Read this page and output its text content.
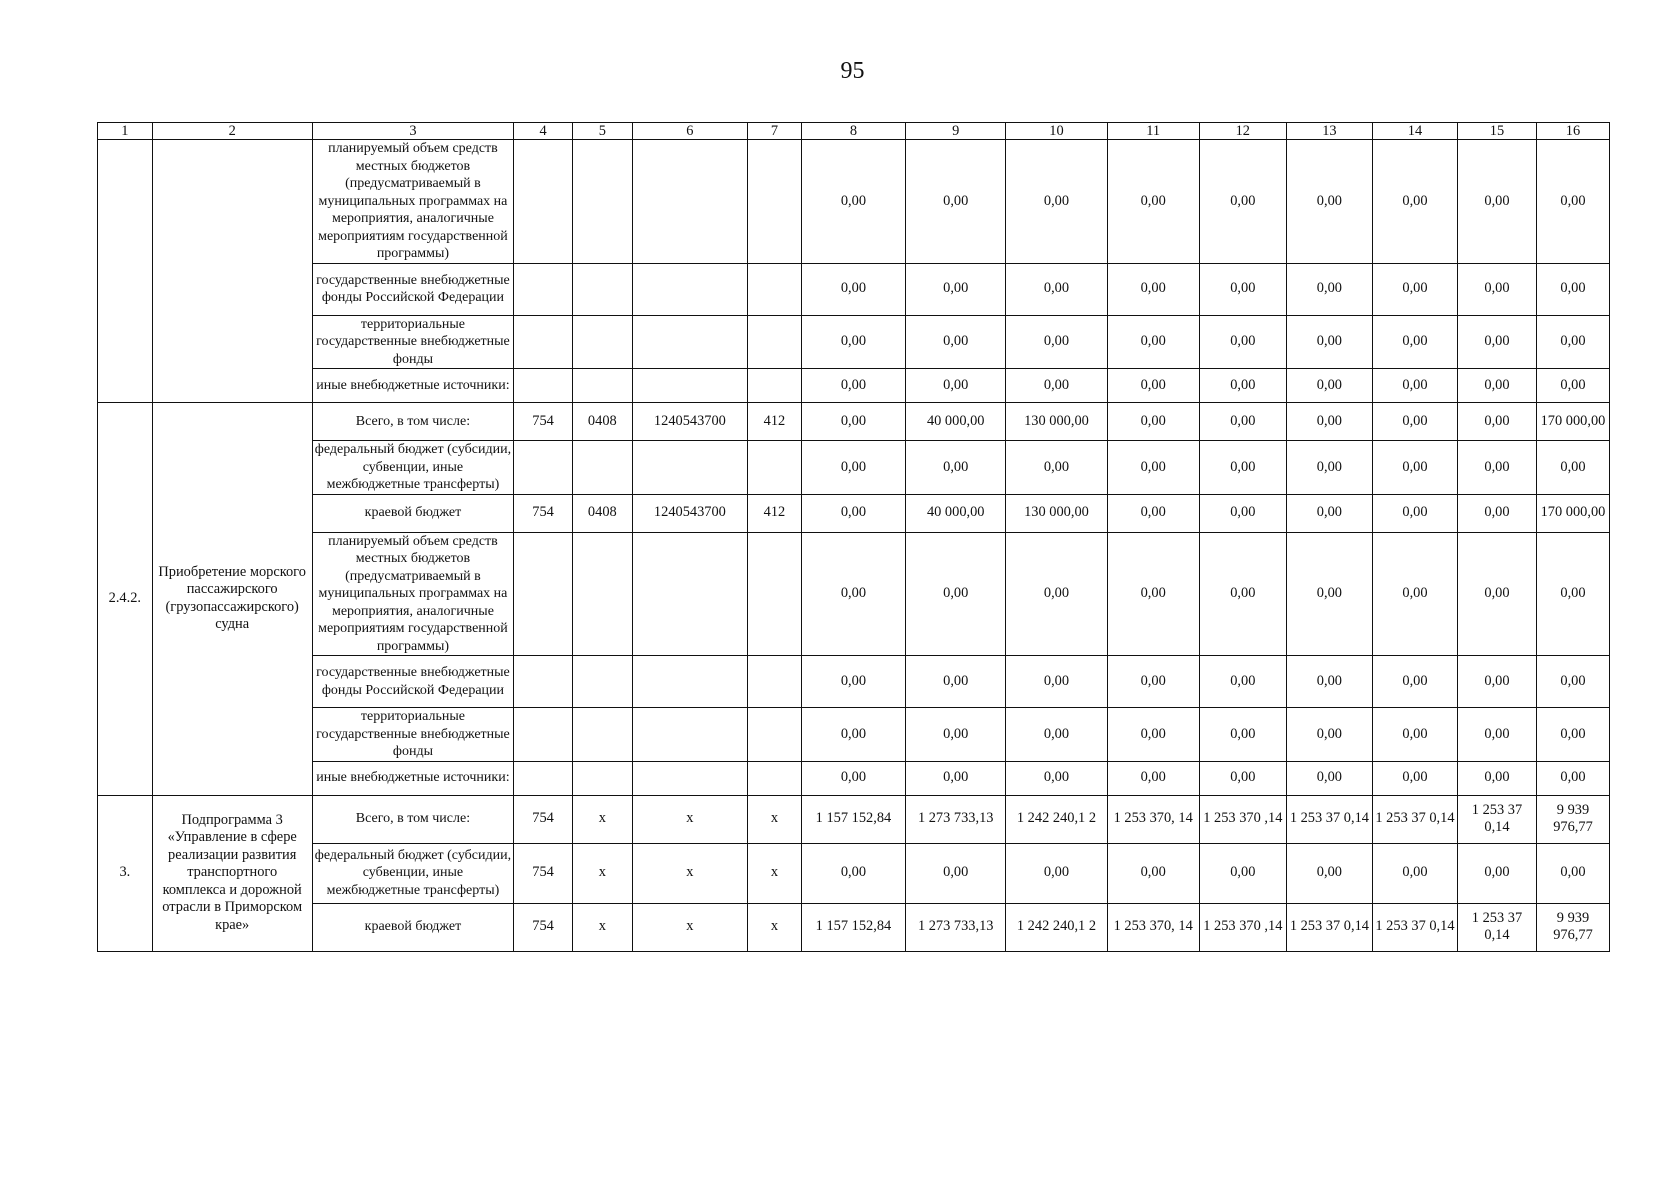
95
1	2	3	4	5	6	7	8	9	10	11	12	13	14	15	16
		планируемый объем средств местных бюджетов (предусматриваемый в муниципальных программах на мероприятия, аналогичные мероприятиям государственной программы)					0,00	0,00	0,00	0,00	0,00	0,00	0,00	0,00	0,00
		государственные внебюджетные фонды Российской Федерации					0,00	0,00	0,00	0,00	0,00	0,00	0,00	0,00	0,00
		территориальные государственные внебюджетные фонды					0,00	0,00	0,00	0,00	0,00	0,00	0,00	0,00	0,00
		иные внебюджетные источники:					0,00	0,00	0,00	0,00	0,00	0,00	0,00	0,00	0,00
2.4.2.	Приобретение морского пассажирского (грузопассажирского) судна	Всего, в том числе:	754	0408	1240543700	412	0,00	40 000,00	130 000,00	0,00	0,00	0,00	0,00	0,00	170 000,00
		федеральный бюджет (субсидии, субвенции, иные межбюджетные трансферты)					0,00	0,00	0,00	0,00	0,00	0,00	0,00	0,00	0,00
		краевой бюджет	754	0408	1240543700	412	0,00	40 000,00	130 000,00	0,00	0,00	0,00	0,00	0,00	170 000,00
		планируемый объем средств местных бюджетов (предусматриваемый в муниципальных программах на мероприятия, аналогичные мероприятиям государственной программы)					0,00	0,00	0,00	0,00	0,00	0,00	0,00	0,00	0,00
		государственные внебюджетные фонды Российской Федерации					0,00	0,00	0,00	0,00	0,00	0,00	0,00	0,00	0,00
		территориальные государственные внебюджетные фонды					0,00	0,00	0,00	0,00	0,00	0,00	0,00	0,00	0,00
		иные внебюджетные источники:					0,00	0,00	0,00	0,00	0,00	0,00	0,00	0,00	0,00
3.	Подпрограмма 3 «Управление в сфере реализации развития транспортного комплекса и дорожной отрасли в Приморском крае»	Всего, в том числе:	754	x	x	x	1 157 152,84	1 273 733,13	1 242 240,1 2	1 253 370, 14	1 253 370 ,14	1 253 37 0,14	1 253 37 0,14	1 253 37 0,14	9 939 976,77
		федеральный бюджет (субсидии, субвенции, иные межбюджетные трансферты)	754	x	x	x	0,00	0,00	0,00	0,00	0,00	0,00	0,00	0,00	0,00
		краевой бюджет	754	x	x	x	1 157 152,84	1 273 733,13	1 242 240,1 2	1 253 370, 14	1 253 370 ,14	1 253 37 0,14	1 253 37 0,14	1 253 37 0,14	9 939 976,77
